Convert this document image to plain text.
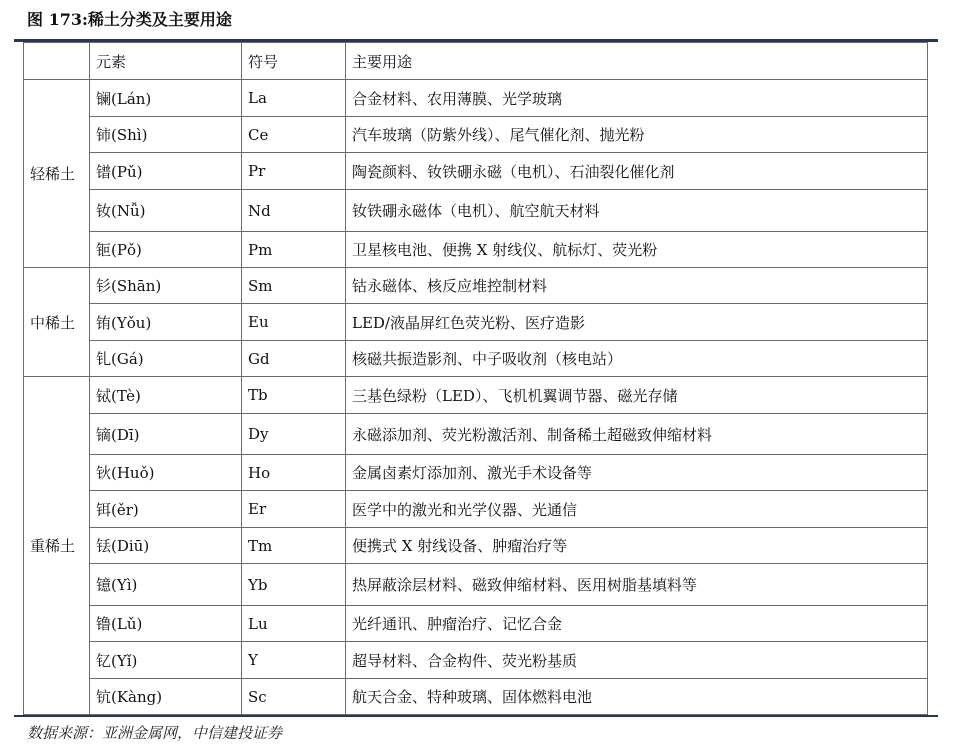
图 173:稀土分类及主要用途
	元素	符号	主要用途
轻稀土	镧(Lán)	La	合金材料、农用薄膜、光学玻璃
	铈(Shì)	Ce	汽车玻璃（防紫外线）、尾气催化剂、抛光粉
	镨(Pǔ)	Pr	陶瓷颜料、钕铁硼永磁（电机）、石油裂化催化剂
	钕(Nǚ)	Nd	钕铁硼永磁体（电机）、航空航天材料
	钷(Pǒ)	Pm	卫星核电池、便携 X 射线仪、航标灯、荧光粉
中稀土	钐(Shān)	Sm	钴永磁体、核反应堆控制材料
	铕(Yǒu)	Eu	LED/液晶屏红色荧光粉、医疗造影
	钆(Gá)	Gd	核磁共振造影剂、中子吸收剂（核电站）
重稀土	铽(Tè)	Tb	三基色绿粉（LED）、飞机机翼调节器、磁光存储
	镝(Dī)	Dy	永磁添加剂、荧光粉激活剂、制备稀土超磁致伸缩材料
	钬(Huǒ)	Ho	金属卤素灯添加剂、激光手术设备等
	铒(ěr)	Er	医学中的激光和光学仪器、光通信
	铥(Diū)	Tm	便携式 X 射线设备、肿瘤治疗等
	镱(Yì)	Yb	热屏蔽涂层材料、磁致伸缩材料、医用树脂基填料等
	镥(Lǔ)	Lu	光纤通讯、肿瘤治疗、记忆合金
	钇(Yǐ)	Y	超导材料、合金构件、荧光粉基质
	钪(Kàng)	Sc	航天合金、特种玻璃、固体燃料电池
数据来源：亚洲金属网，中信建投证券
